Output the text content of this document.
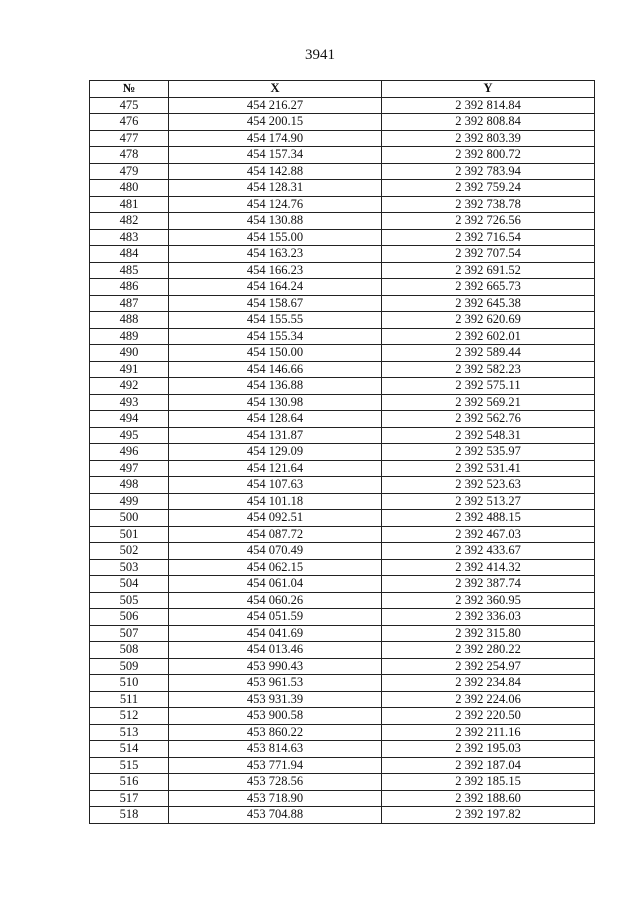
3941
№	X	Y
475	454 216.27	2 392 814.84
476	454 200.15	2 392 808.84
477	454 174.90	2 392 803.39
478	454 157.34	2 392 800.72
479	454 142.88	2 392 783.94
480	454 128.31	2 392 759.24
481	454 124.76	2 392 738.78
482	454 130.88	2 392 726.56
483	454 155.00	2 392 716.54
484	454 163.23	2 392 707.54
485	454 166.23	2 392 691.52
486	454 164.24	2 392 665.73
487	454 158.67	2 392 645.38
488	454 155.55	2 392 620.69
489	454 155.34	2 392 602.01
490	454 150.00	2 392 589.44
491	454 146.66	2 392 582.23
492	454 136.88	2 392 575.11
493	454 130.98	2 392 569.21
494	454 128.64	2 392 562.76
495	454 131.87	2 392 548.31
496	454 129.09	2 392 535.97
497	454 121.64	2 392 531.41
498	454 107.63	2 392 523.63
499	454 101.18	2 392 513.27
500	454 092.51	2 392 488.15
501	454 087.72	2 392 467.03
502	454 070.49	2 392 433.67
503	454 062.15	2 392 414.32
504	454 061.04	2 392 387.74
505	454 060.26	2 392 360.95
506	454 051.59	2 392 336.03
507	454 041.69	2 392 315.80
508	454 013.46	2 392 280.22
509	453 990.43	2 392 254.97
510	453 961.53	2 392 234.84
511	453 931.39	2 392 224.06
512	453 900.58	2 392 220.50
513	453 860.22	2 392 211.16
514	453 814.63	2 392 195.03
515	453 771.94	2 392 187.04
516	453 728.56	2 392 185.15
517	453 718.90	2 392 188.60
518	453 704.88	2 392 197.82
